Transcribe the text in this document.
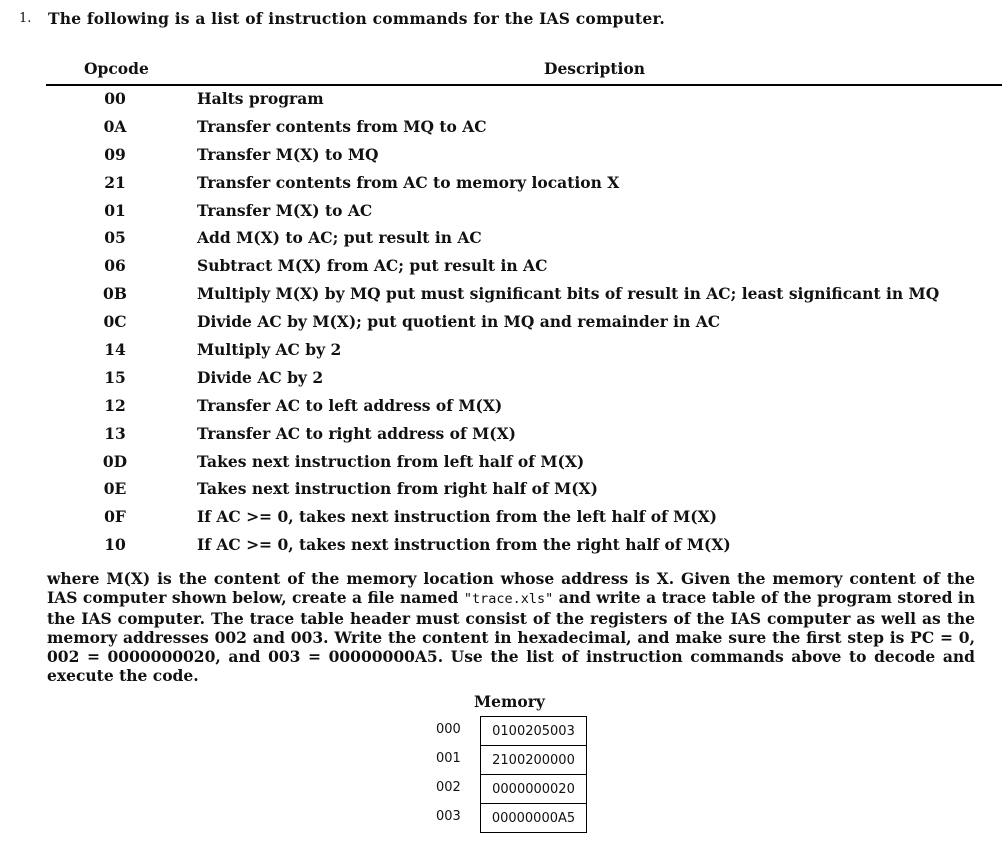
1. The following is a list of instruction commands for the IAS computer.
Opcode	Description
00	Halts program
0A	Transfer contents from MQ to AC
09	Transfer M(X) to MQ
21	Transfer contents from AC to memory location X
01	Transfer M(X) to AC
05	Add M(X) to AC; put result in AC
06	Subtract M(X) from AC; put result in AC
0B	Multiply M(X) by MQ put must significant bits of result in AC; least significant in MQ
0C	Divide AC by M(X); put quotient in MQ and remainder in AC
14	Multiply AC by 2
15	Divide AC by 2
12	Transfer AC to left address of M(X)
13	Transfer AC to right address of M(X)
0D	Takes next instruction from left half of M(X)
0E	Takes next instruction from right half of M(X)
0F	If AC >= 0, takes next instruction from the left half of M(X)
10	If AC >= 0, takes next instruction from the right half of M(X)
where M(X) is the content of the memory location whose address is X. Given the memory content of the IAS computer shown below, create a file named "trace.xls" and write a trace table of the program stored in the IAS computer. The trace table header must consist of the registers of the IAS computer as well as the memory addresses 002 and 003. Write the content in hexadecimal, and make sure the first step is PC = 0, 002 = 0000000020, and 003 = 00000000A5. Use the list of instruction commands above to decode and execute the code.
Memory
000	0100205003
001	2100200000
002	0000000020
003	00000000A5
